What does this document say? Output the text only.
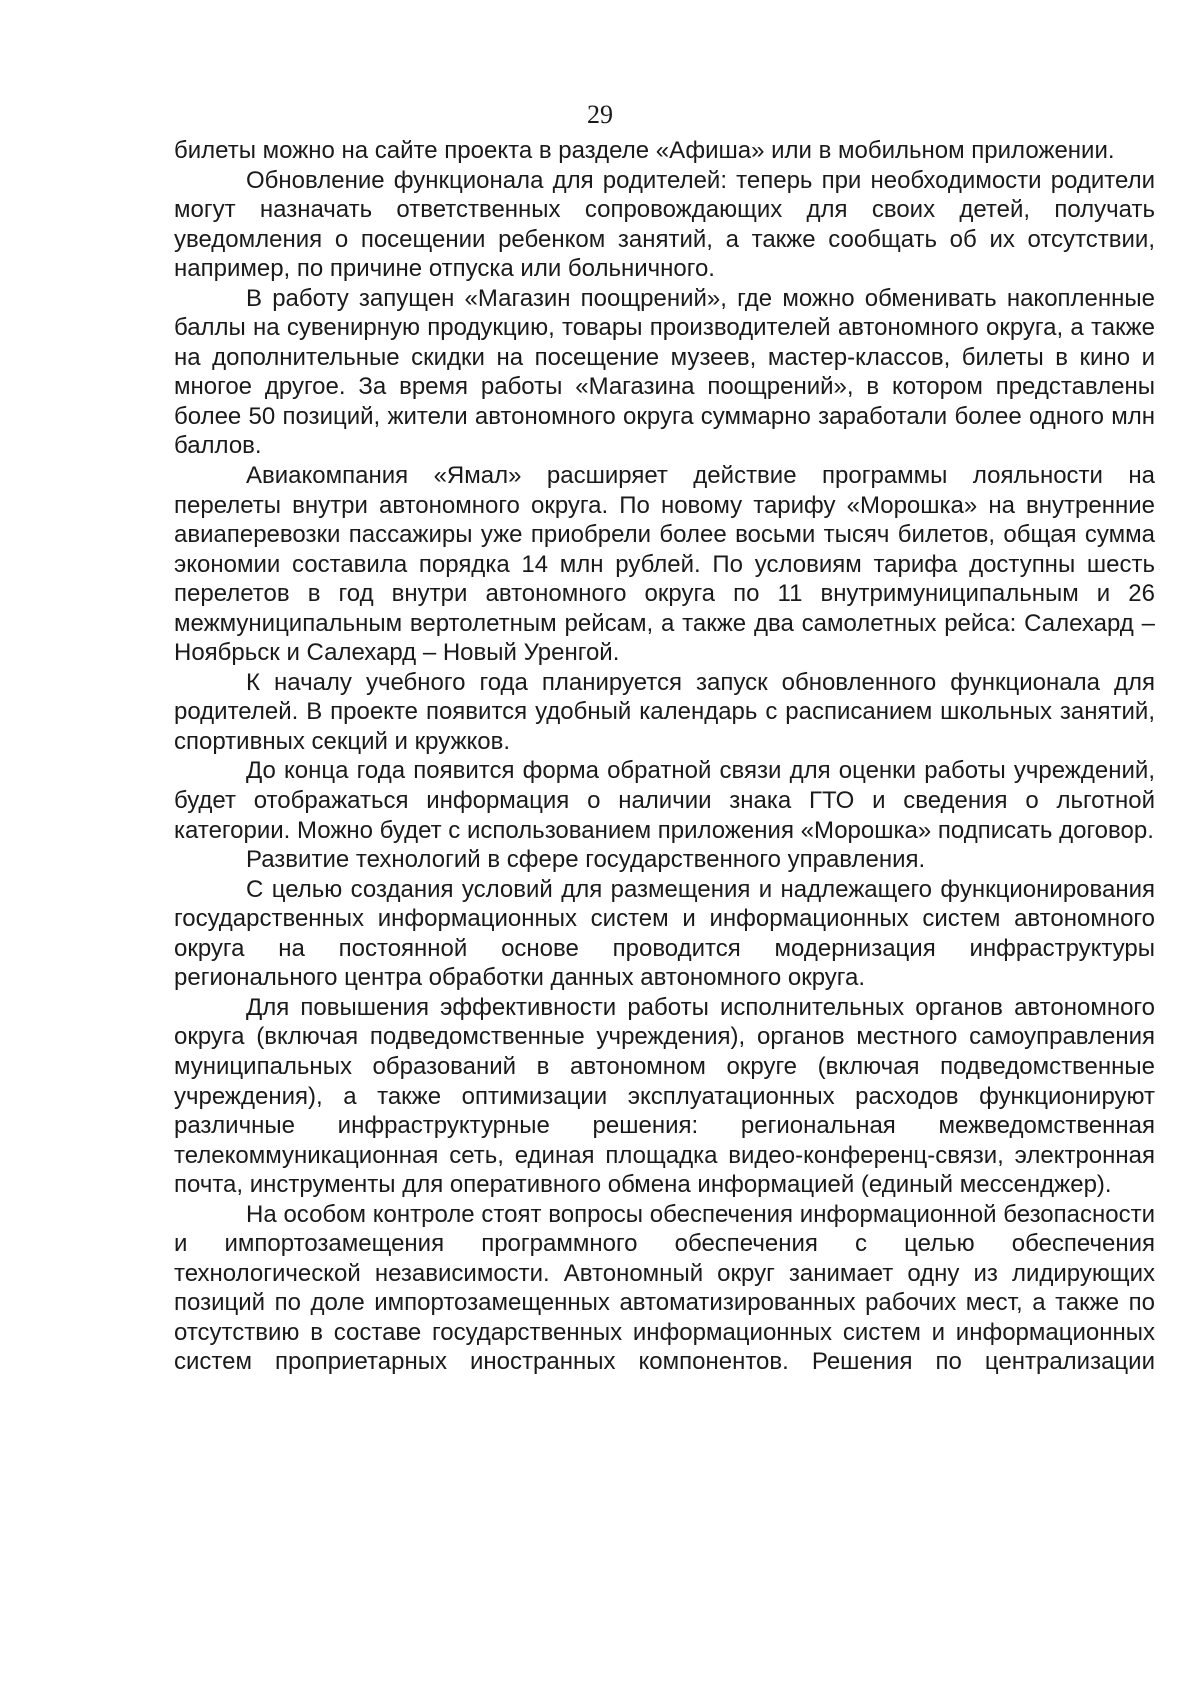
29

билеты можно на сайте проекта в разделе «Афиша» или в мобильном приложении.

Обновление функционала для родителей: теперь при необходимости родители могут назначать ответственных сопровождающих для своих детей, получать уведомления о посещении ребенком занятий, а также сообщать об их отсутствии, например, по причине отпуска или больничного.

В работу запущен «Магазин поощрений», где можно обменивать накопленные баллы на сувенирную продукцию, товары производителей автономного округа, а также на дополнительные скидки на посещение музеев, мастер-классов, билеты в кино и многое другое. За время работы «Магазина поощрений», в котором представлены более 50 позиций, жители автономного округа суммарно заработали более одного млн баллов.

Авиакомпания «Ямал» расширяет действие программы лояльности на перелеты внутри автономного округа. По новому тарифу «Морошка» на внутренние авиаперевозки пассажиры уже приобрели более восьми тысяч билетов, общая сумма экономии составила порядка 14 млн рублей. По условиям тарифа доступны шесть перелетов в год внутри автономного округа по 11 внутримуниципальным и 26 межмуниципальным вертолетным рейсам, а также два самолетных рейса: Салехард – Ноябрьск и Салехард – Новый Уренгой.

К началу учебного года планируется запуск обновленного функционала для родителей. В проекте появится удобный календарь с расписанием школьных занятий, спортивных секций и кружков.

До конца года появится форма обратной связи для оценки работы учреждений, будет отображаться информация о наличии знака ГТО и сведения о льготной категории. Можно будет с использованием приложения «Морошка» подписать договор.

Развитие технологий в сфере государственного управления.

С целью создания условий для размещения и надлежащего функционирования государственных информационных систем и информационных систем автономного округа на постоянной основе проводится модернизация инфраструктуры регионального центра обработки данных автономного округа.

Для повышения эффективности работы исполнительных органов автономного округа (включая подведомственные учреждения), органов местного самоуправления муниципальных образований в автономном округе (включая подведомственные учреждения), а также оптимизации эксплуатационных расходов функционируют различные инфраструктурные решения: региональная межведомственная телекоммуникационная сеть, единая площадка видео-конференц-связи, электронная почта, инструменты для оперативного обмена информацией (единый мессенджер).

На особом контроле стоят вопросы обеспечения информационной безопасности и импортозамещения программного обеспечения с целью обеспечения технологической независимости. Автономный округ занимает одну из лидирующих позиций по доле импортозамещенных автоматизированных рабочих мест, а также по отсутствию в составе государственных информационных систем и информационных систем проприетарных иностранных компонентов. Решения по централизации
